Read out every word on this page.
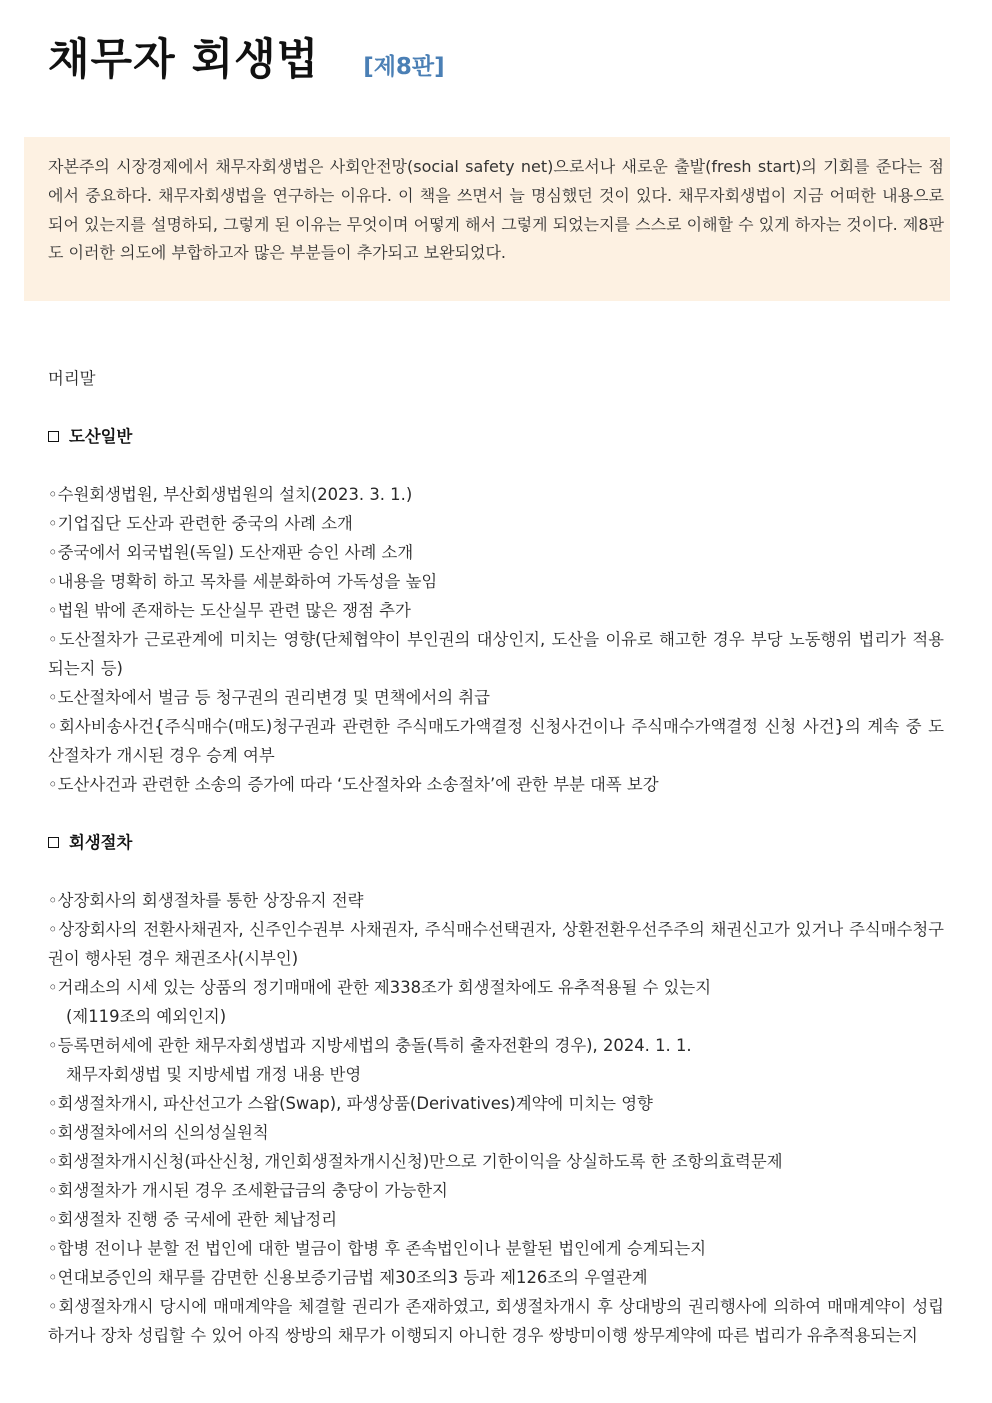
채무자 회생법 [제8판]

자본주의 시장경제에서 채무자회생법은 사회안전망(social safety net)으로서나 새로운 출발(fresh start)의 기회를 준다는 점에서 중요하다. 채무자회생법을 연구하는 이유다. 이 책을 쓰면서 늘 명심했던 것이 있다. 채무자회생법이 지금 어떠한 내용으로 되어 있는지를 설명하되, 그렇게 된 이유는 무엇이며 어떻게 해서 그렇게 되었는지를 스스로 이해할 수 있게 하자는 것이다. 제8판도 이러한 의도에 부합하고자 많은 부분들이 추가되고 보완되었다.

머리말
도산일반
◦수원회생법원, 부산회생법원의 설치(2023. 3. 1.)
◦기업집단 도산과 관련한 중국의 사례 소개
◦중국에서 외국법원(독일) 도산재판 승인 사례 소개
◦내용을 명확히 하고 목차를 세분화하여 가독성을 높임
◦법원 밖에 존재하는 도산실무 관련 많은 쟁점 추가
◦도산절차가 근로관계에 미치는 영향(단체협약이 부인권의 대상인지, 도산을 이유로 해고한 경우 부당 노동행위 법리가 적용되는지 등)
◦도산절차에서 벌금 등 청구권의 권리변경 및 면책에서의 취급
◦회사비송사건{주식매수(매도)청구권과 관련한 주식매도가액결정 신청사건이나 주식매수가액결정 신청 사건}의 계속 중 도산절차가 개시된 경우 승계 여부
◦도산사건과 관련한 소송의 증가에 따라 ‘도산절차와 소송절차’에 관한 부분 대폭 보강
회생절차
◦상장회사의 회생절차를 통한 상장유지 전략
◦상장회사의 전환사채권자, 신주인수권부 사채권자, 주식매수선택권자, 상환전환우선주주의 채권신고가 있거나 주식매수청구권이 행사된 경우 채권조사(시부인)
◦거래소의 시세 있는 상품의 정기매매에 관한 제338조가 회생절차에도 유추적용될 수 있는지
(제119조의 예외인지)
◦등록면허세에 관한 채무자회생법과 지방세법의 충돌(특히 출자전환의 경우), 2024. 1. 1.
채무자회생법 및 지방세법 개정 내용 반영
◦회생절차개시, 파산선고가 스왑(Swap), 파생상품(Derivatives)계약에 미치는 영향
◦회생절차에서의 신의성실원칙
◦회생절차개시신청(파산신청, 개인회생절차개시신청)만으로 기한이익을 상실하도록 한 조항의효력문제
◦회생절차가 개시된 경우 조세환급금의 충당이 가능한지
◦회생절차 진행 중 국세에 관한 체납정리
◦합병 전이나 분할 전 법인에 대한 벌금이 합병 후 존속법인이나 분할된 법인에게 승계되는지
◦연대보증인의 채무를 감면한 신용보증기금법 제30조의3 등과 제126조의 우열관계
◦회생절차개시 당시에 매매계약을 체결할 권리가 존재하였고, 회생절차개시 후 상대방의 권리행사에 의하여 매매계약이 성립하거나 장차 성립할 수 있어 아직 쌍방의 채무가 이행되지 아니한 경우 쌍방미이행 쌍무계약에 따른 법리가 유추적용되는지
